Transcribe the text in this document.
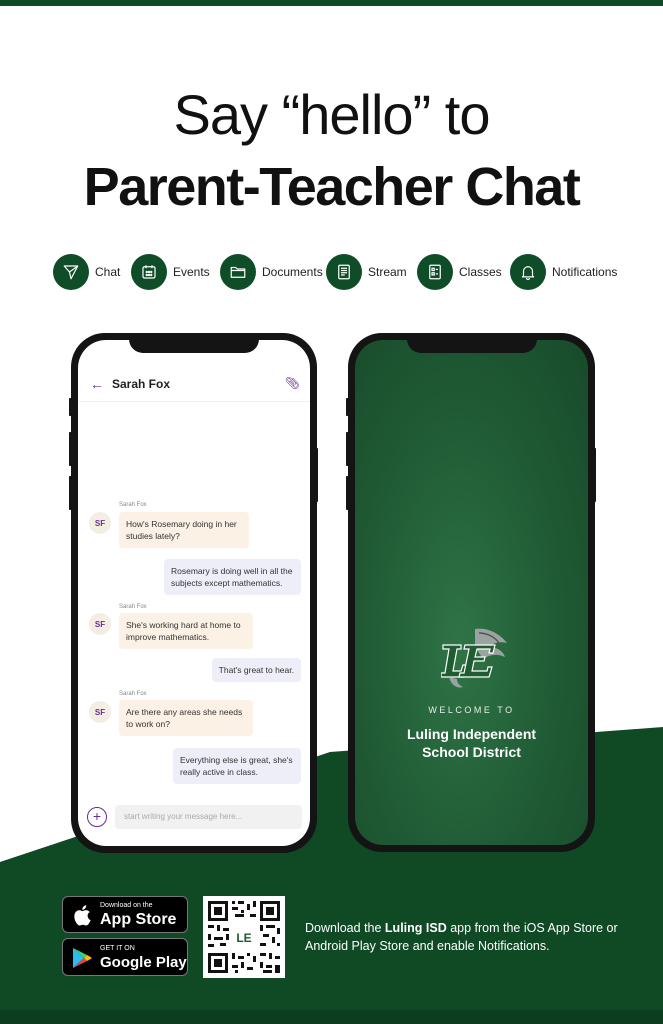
Say “hello” to
Parent-Teacher Chat
Chat	Events	Documents	Stream	Classes	Notifications
← Sarah Fox	📎︎
Sarah Fox
SF	How's Rosemary doing in her studies lately?
Rosemary is doing well in all the subjects except mathematics.
Sarah Fox
SF	She's working hard at home to improve mathematics.
That's great to hear.
Sarah Fox
SF	Are there any areas she needs to work on?
Everything else is great, she's really active in class.
+	start writing your message here...
WELCOME TO
Luling Independent
School District
Download on the
App Store
GET IT ON
Google Play
LE
Download the Luling ISD app from the iOS App Store or Android Play Store and enable Notifications.
